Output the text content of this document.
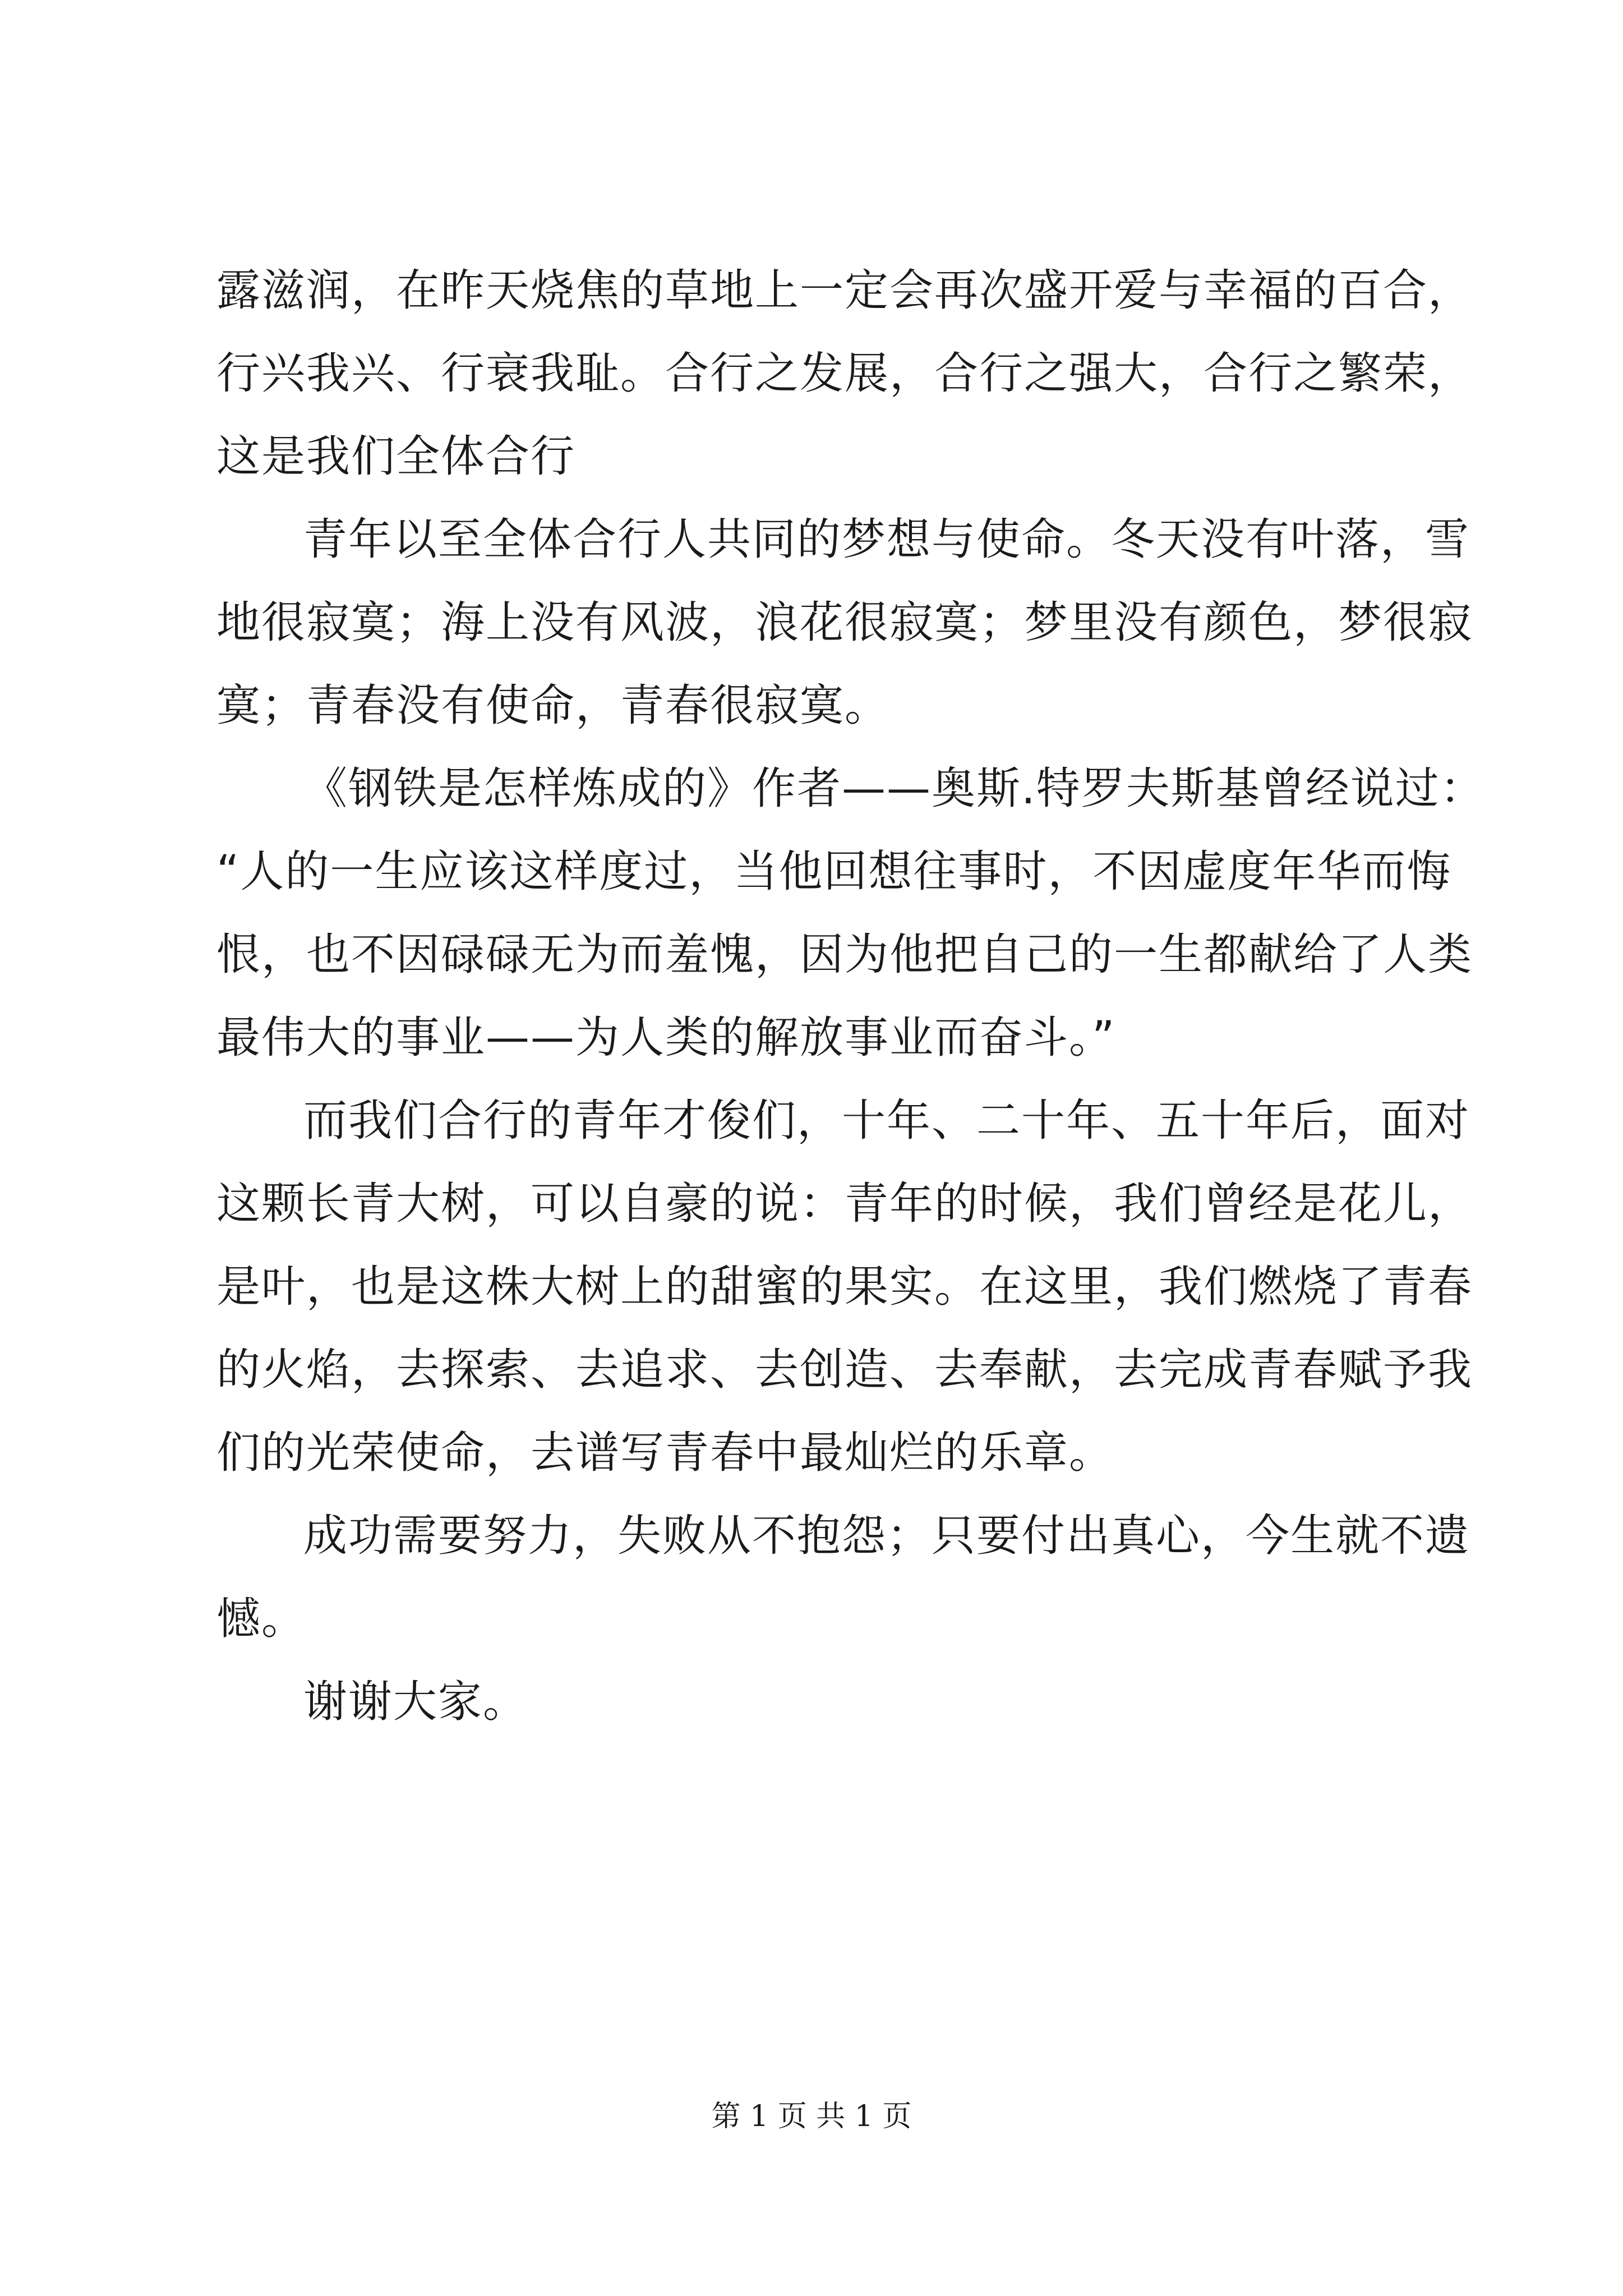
露滋润，在昨天烧焦的草地上一定会再次盛开爱与幸福的百合，
行兴我兴、行衰我耻。合行之发展，合行之强大，合行之繁荣，
这是我们全体合行
青年以至全体合行人共同的梦想与使命。冬天没有叶落，雪
地很寂寞；海上没有风波，浪花很寂寞；梦里没有颜色，梦很寂
寞；青春没有使命，青春很寂寞。
《钢铁是怎样炼成的》作者——奥斯.特罗夫斯基曾经说过：
“人的一生应该这样度过，当他回想往事时，不因虚度年华而悔
恨，也不因碌碌无为而羞愧，因为他把自己的一生都献给了人类
最伟大的事业——为人类的解放事业而奋斗。”
而我们合行的青年才俊们，十年、二十年、五十年后，面对
这颗长青大树，可以自豪的说：青年的时候，我们曾经是花儿，
是叶，也是这株大树上的甜蜜的果实。在这里，我们燃烧了青春
的火焰，去探索、去追求、去创造、去奉献，去完成青春赋予我
们的光荣使命，去谱写青春中最灿烂的乐章。
成功需要努力，失败从不抱怨；只要付出真心，今生就不遗
憾。
谢谢大家。
第 1 页 共 1 页
